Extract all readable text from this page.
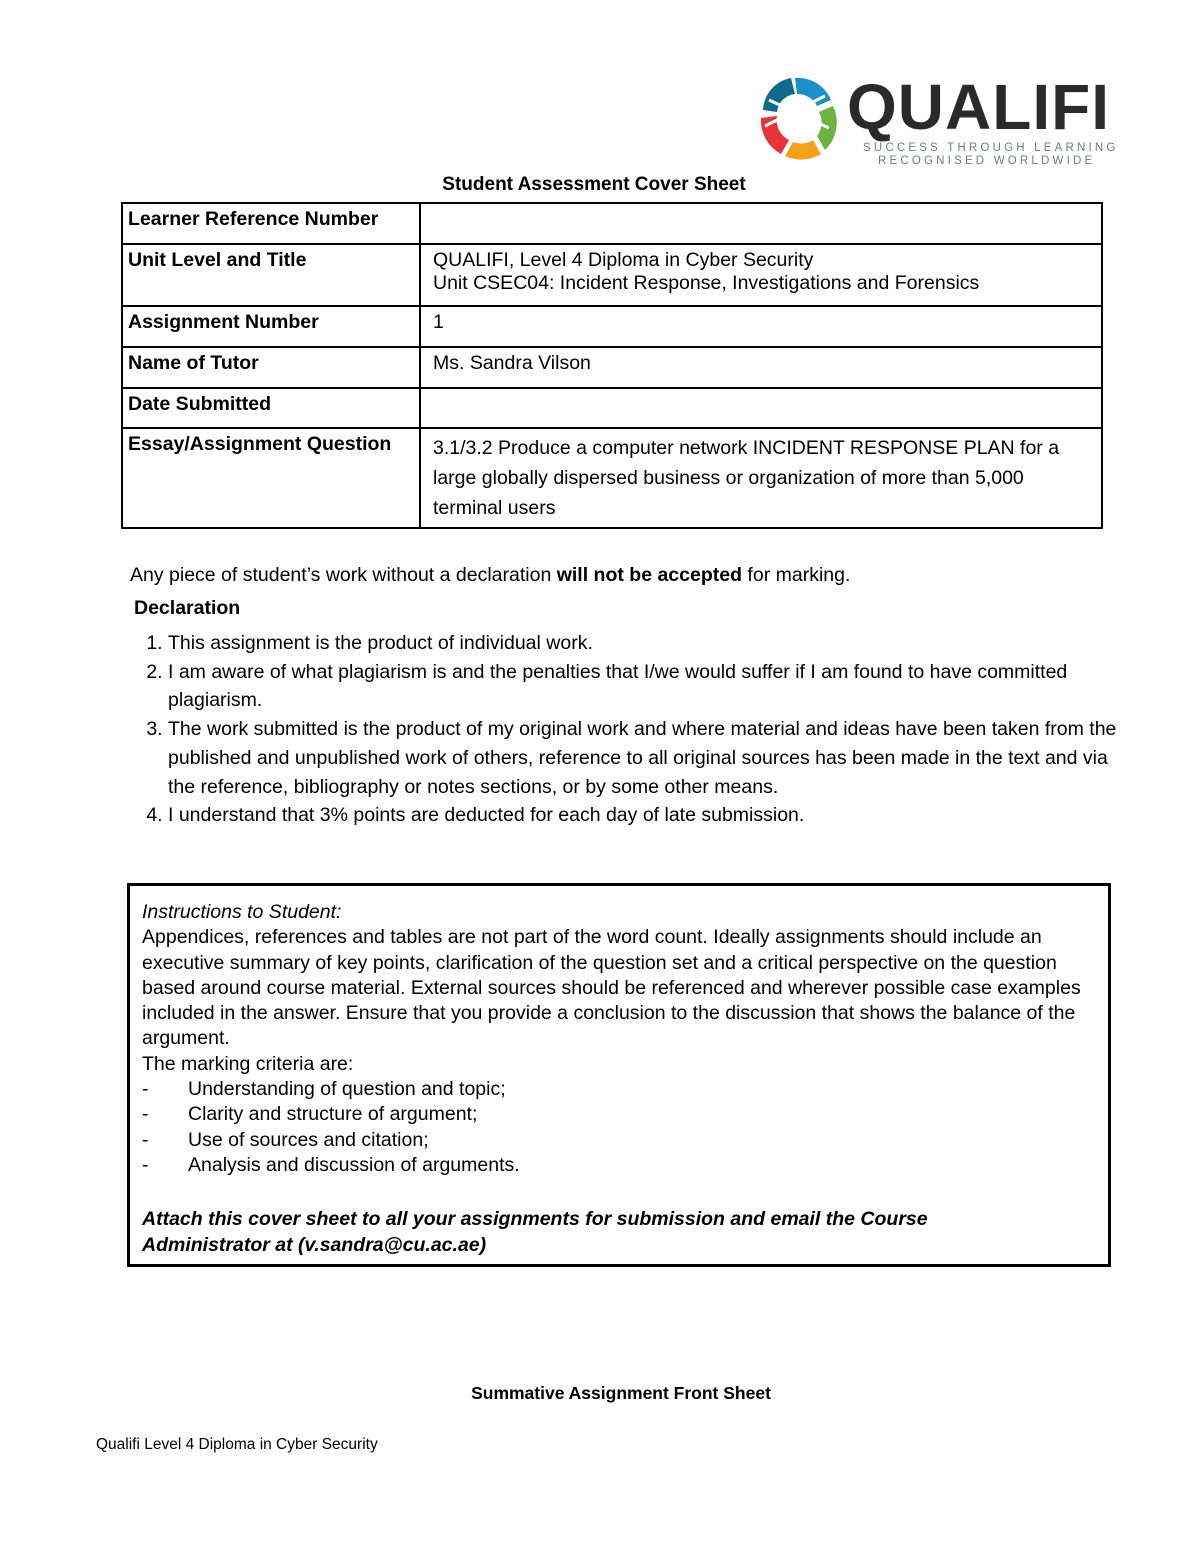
QUALIFI
SUCCESS THROUGH LEARNING
RECOGNISED WORLDWIDE
Student Assessment Cover Sheet
Learner Reference Number	
Unit Level and Title	QUALIFI, Level 4 Diploma in Cyber Security
Unit CSEC04: Incident Response, Investigations and Forensics

Assignment Number	1
Name of Tutor	Ms. Sandra Vilson
Date Submitted	
Essay/Assignment Question	3.1/3.2 Produce a computer network INCIDENT RESPONSE PLAN for a large globally dispersed business or organization of more than 5,000 terminal users
Any piece of student’s work without a declaration will not be accepted for marking.
Declaration
1. This assignment is the product of individual work.
2. I am aware of what plagiarism is and the penalties that I/we would suffer if I am found to have committed plagiarism.
3. The work submitted is the product of my original work and where material and ideas have been taken from the published and unpublished work of others, reference to all original sources has been made in the text and via the reference, bibliography or notes sections, or by some other means.
4. I understand that 3% points are deducted for each day of late submission.
Instructions to Student:
Appendices, references and tables are not part of the word count. Ideally assignments should include an executive summary of key points, clarification of the question set and a critical perspective on the question based around course material. External sources should be referenced and wherever possible case examples included in the answer. Ensure that you provide a conclusion to the discussion that shows the balance of the argument.
The marking criteria are:
-	Understanding of question and topic;
-	Clarity and structure of argument;
-	Use of sources and citation;
-	Analysis and discussion of arguments.
Attach this cover sheet to all your assignments for submission and email the Course
Administrator at (v.sandra@cu.ac.ae)
Summative Assignment Front Sheet
Qualifi Level 4 Diploma in Cyber Security
